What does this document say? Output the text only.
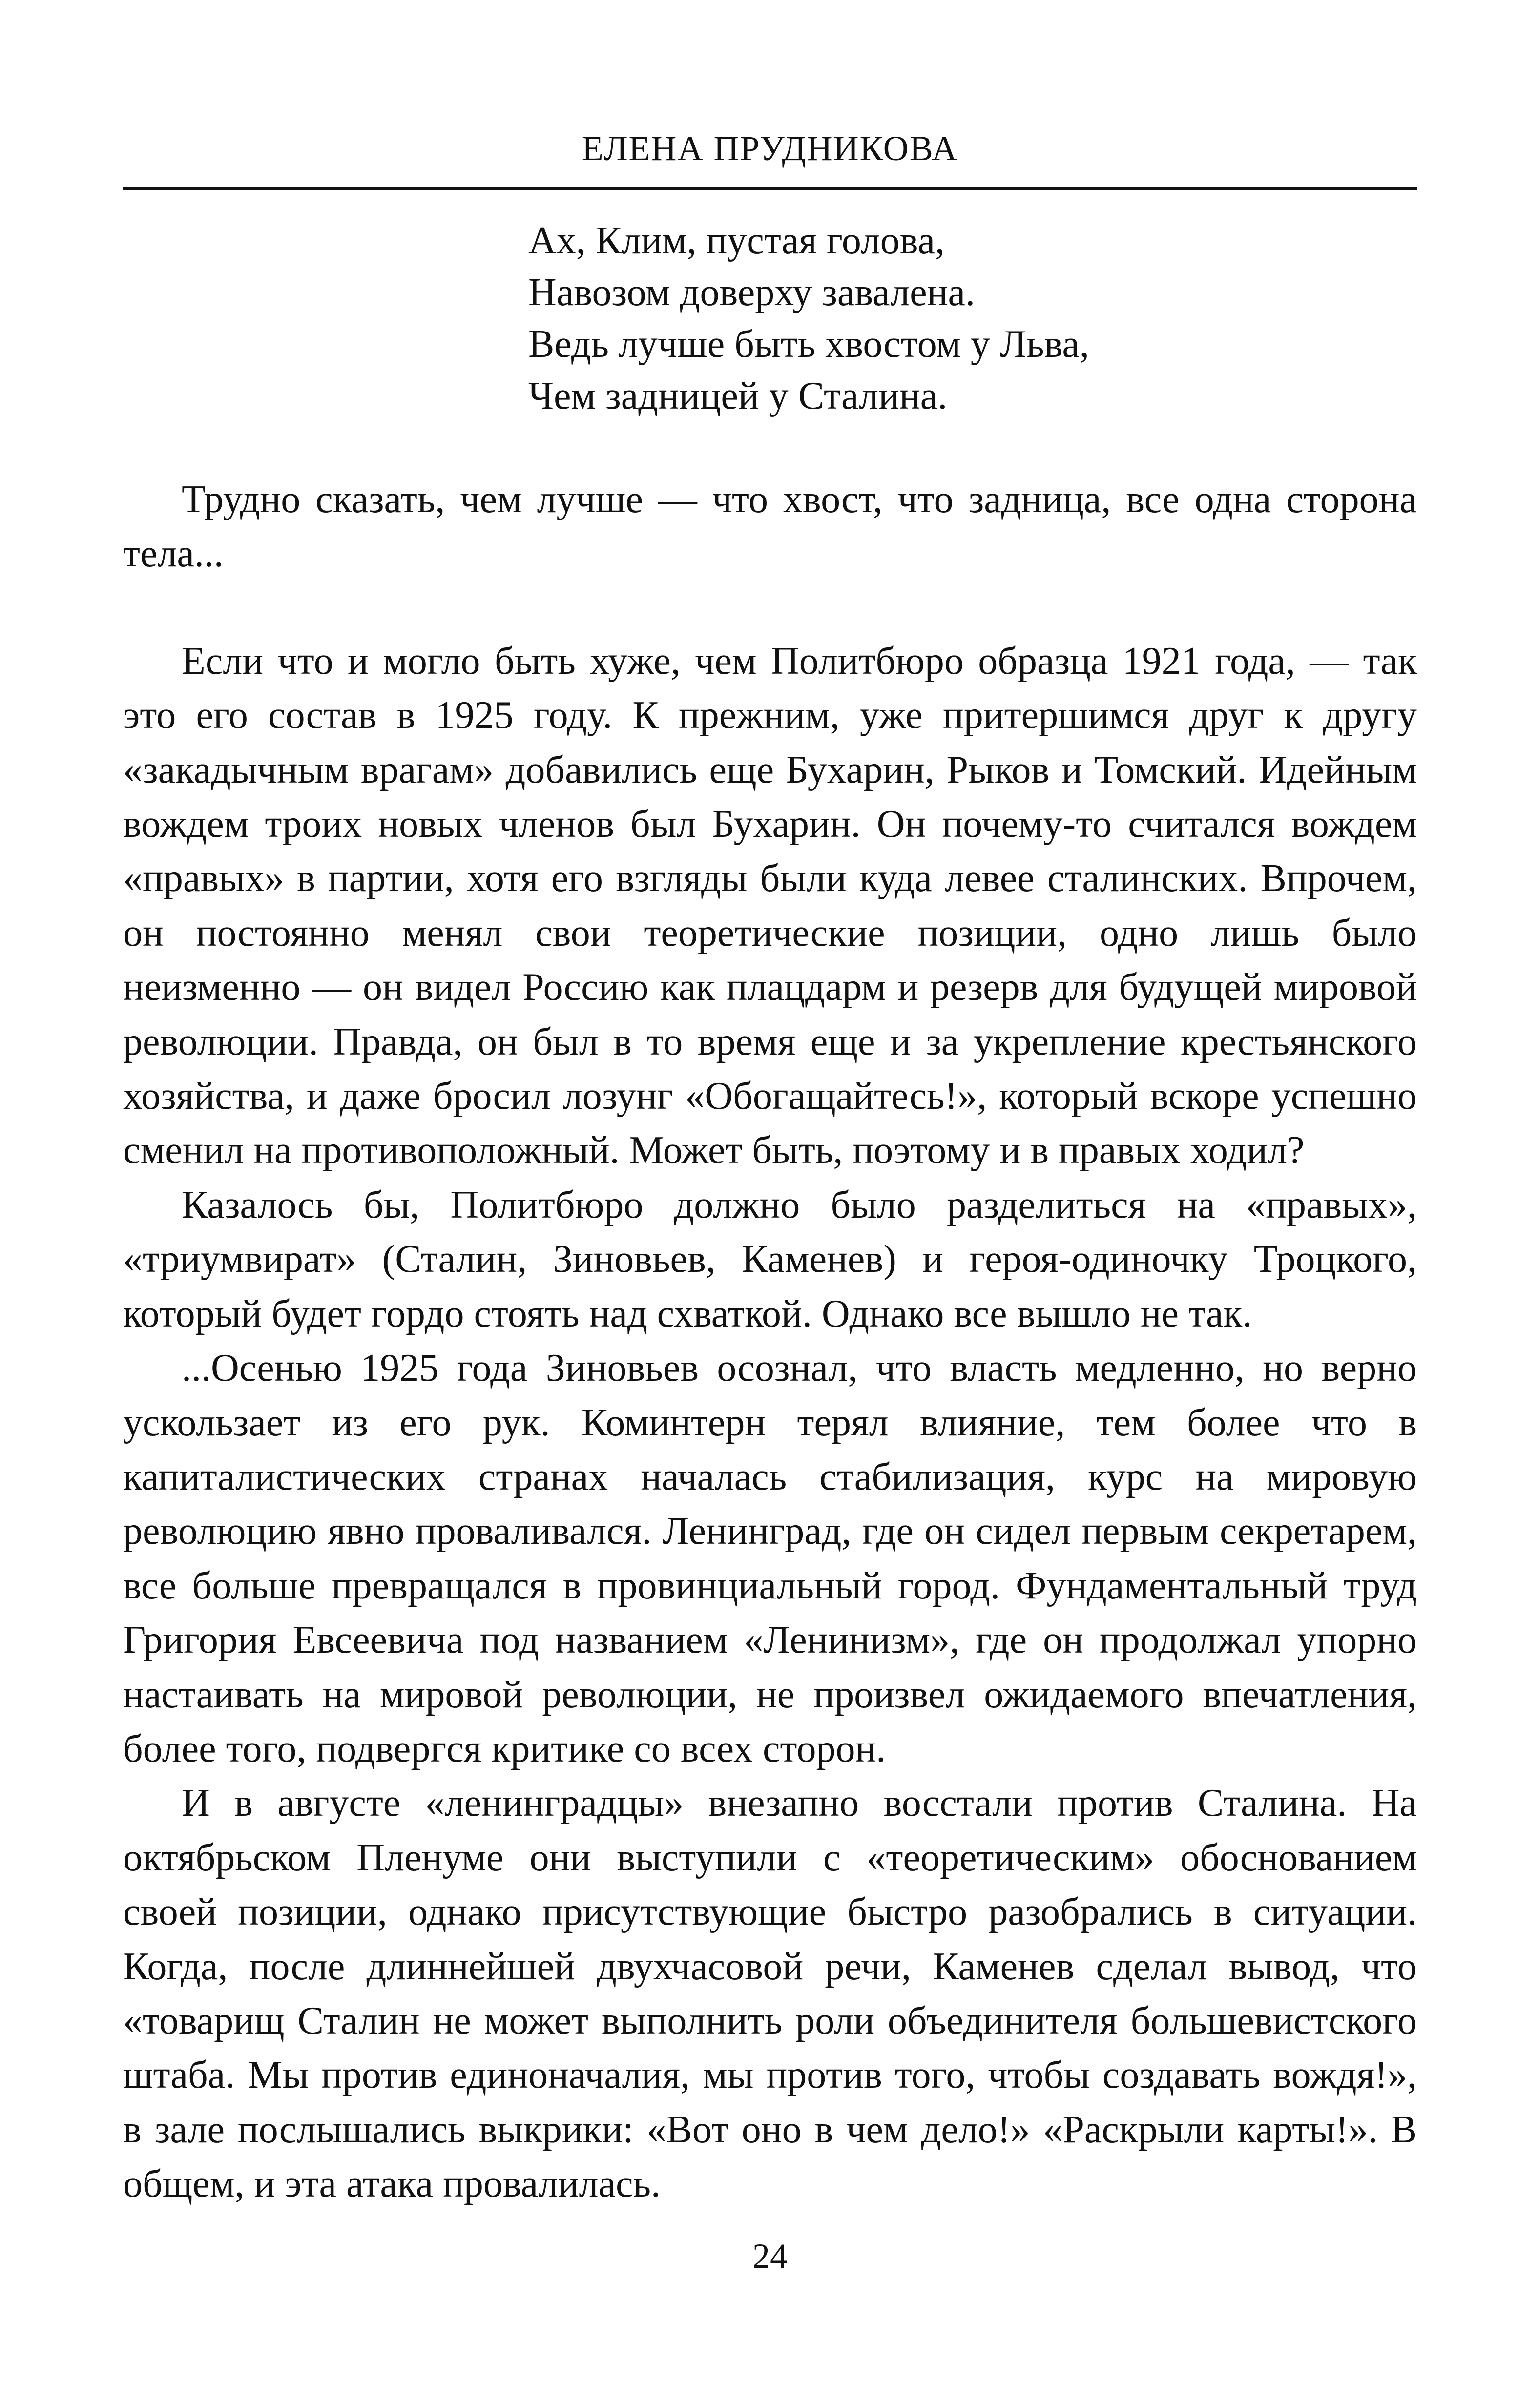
ЕЛЕНА ПРУДНИКОВА
Ах, Клим, пустая голова,
Навозом доверху завалена.
Ведь лучше быть хвостом у Льва,
Чем задницей у Сталина.

Трудно сказать, чем лучше — что хвост, что задница, все одна сторона тела...

Если что и могло быть хуже, чем Политбюро образца 1921 года, — так это его состав в 1925 году. К прежним, уже притершимся друг к другу «закадычным врагам» добавились еще Бухарин, Рыков и Томский. Идейным вождем троих новых членов был Бухарин. Он почему-то считался вождем «правых» в партии, хотя его взгляды были куда левее сталинских. Впрочем, он постоянно менял свои теоретические позиции, одно лишь было неизменно — он видел Россию как плацдарм и резерв для будущей мировой революции. Правда, он был в то время еще и за укрепление крестьянского хозяйства, и даже бросил лозунг «Обогащайтесь!», который вскоре успешно сменил на противоположный. Может быть, поэтому и в правых ходил?

Казалось бы, Политбюро должно было разделиться на «правых», «триумвират» (Сталин, Зиновьев, Каменев) и героя-одиночку Троцкого, который будет гордо стоять над схваткой. Однако все вышло не так.

...Осенью 1925 года Зиновьев осознал, что власть медленно, но верно ускользает из его рук. Коминтерн терял влияние, тем более что в капиталистических странах началась стабилизация, курс на мировую революцию явно проваливался. Ленинград, где он сидел первым секретарем, все больше превращался в провинциальный город. Фундаментальный труд Григория Евсеевича под названием «Ленинизм», где он продолжал упорно настаивать на мировой революции, не произвел ожидаемого впечатления, более того, подвергся критике со всех сторон.

И в августе «ленинградцы» внезапно восстали против Сталина. На октябрьском Пленуме они выступили с «теоретическим» обоснованием своей позиции, однако присутствующие быстро разобрались в ситуации. Когда, после длиннейшей двухчасовой речи, Каменев сделал вывод, что «товарищ Сталин не может выполнить роли объединителя большевистского штаба. Мы против единоначалия, мы против того, чтобы создавать вождя!», в зале послышались выкрики: «Вот оно в чем дело!» «Раскрыли карты!». В общем, и эта атака провалилась.

24
